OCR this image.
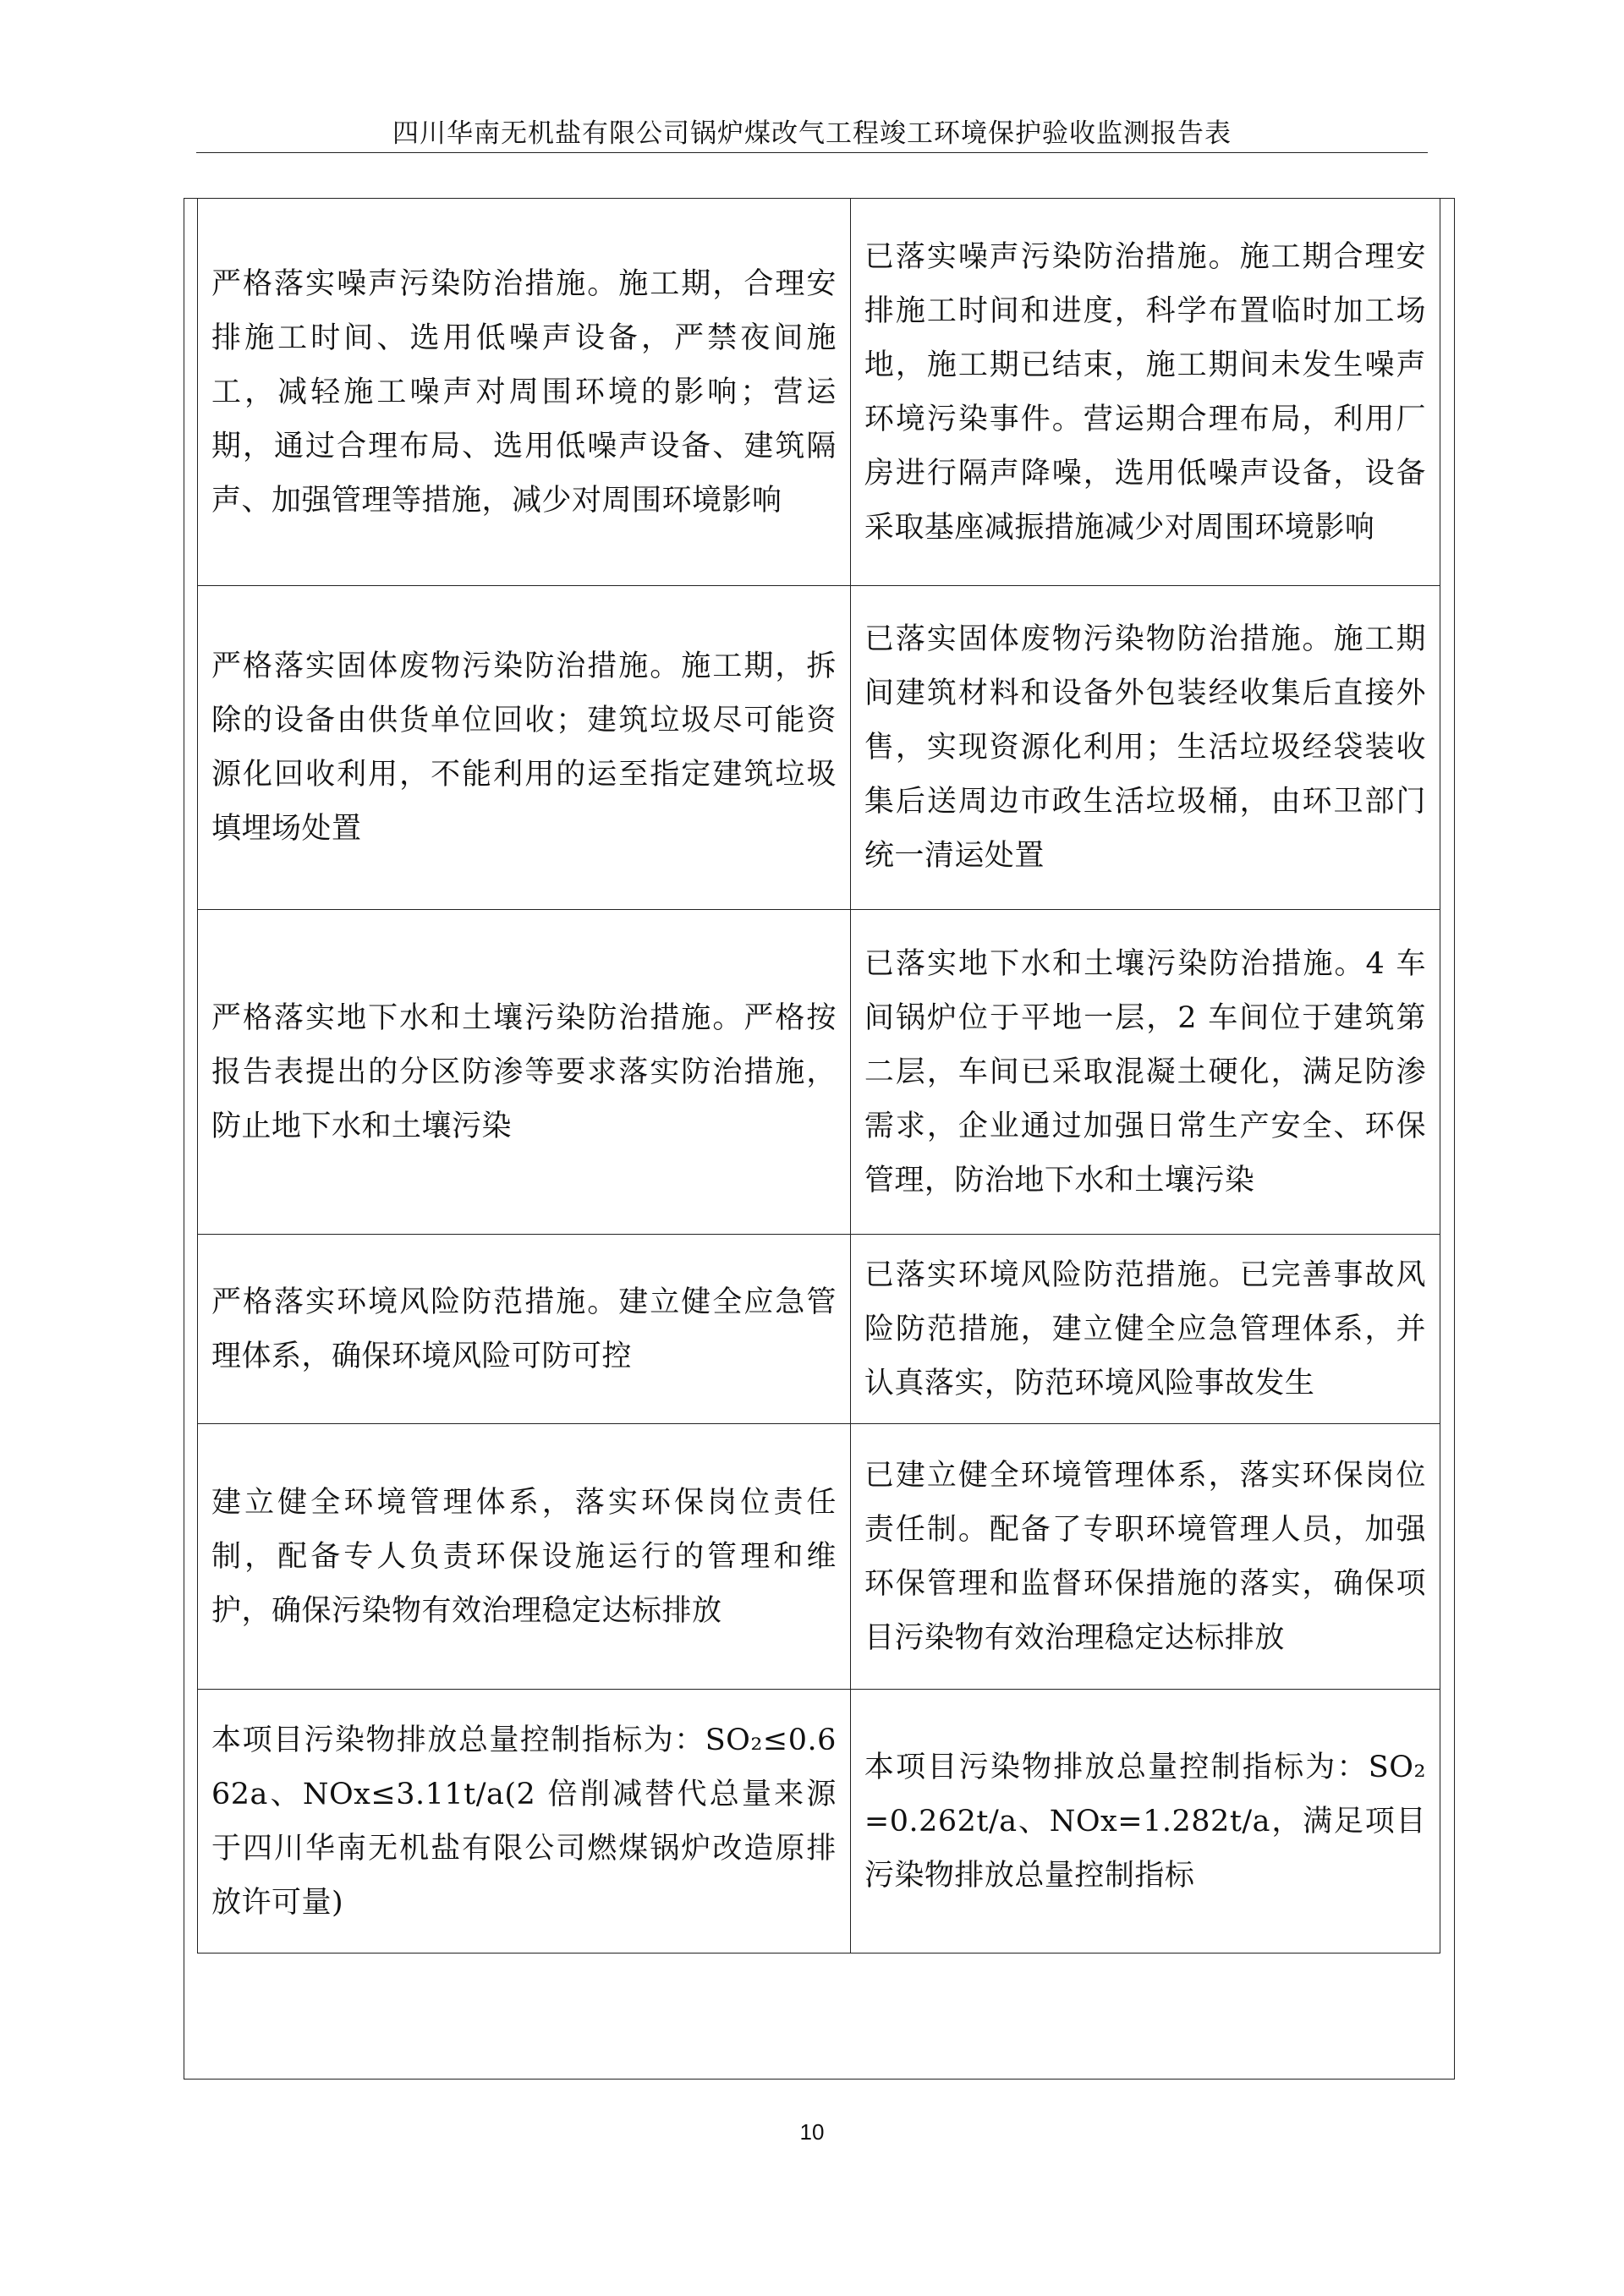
四川华南无机盐有限公司锅炉煤改气工程竣工环境保护验收监测报告表
严格落实噪声污染防治措施。施工期，合理安排施工时间、选用低噪声设备，严禁夜间施工，减轻施工噪声对周围环境的影响；营运期，通过合理布局、选用低噪声设备、建筑隔声、加强管理等措施，减少对周围环境影响	已落实噪声污染防治措施。施工期合理安排施工时间和进度，科学布置临时加工场地，施工期已结束，施工期间未发生噪声环境污染事件。营运期合理布局，利用厂房进行隔声降噪，选用低噪声设备，设备采取基座减振措施减少对周围环境影响
严格落实固体废物污染防治措施。施工期，拆除的设备由供货单位回收；建筑垃圾尽可能资源化回收利用，不能利用的运至指定建筑垃圾填埋场处置	已落实固体废物污染物防治措施。施工期间建筑材料和设备外包装经收集后直接外售，实现资源化利用；生活垃圾经袋装收集后送周边市政生活垃圾桶，由环卫部门统一清运处置
严格落实地下水和土壤污染防治措施。严格按报告表提出的分区防渗等要求落实防治措施，防止地下水和土壤污染	已落实地下水和土壤污染防治措施。4 车间锅炉位于平地一层，2 车间位于建筑第二层，车间已采取混凝土硬化，满足防渗需求，企业通过加强日常生产安全、环保管理，防治地下水和土壤污染
严格落实环境风险防范措施。建立健全应急管理体系，确保环境风险可防可控	已落实环境风险防范措施。已完善事故风险防范措施，建立健全应急管理体系，并认真落实，防范环境风险事故发生
建立健全环境管理体系，落实环保岗位责任制，配备专人负责环保设施运行的管理和维护，确保污染物有效治理稳定达标排放	已建立健全环境管理体系，落实环保岗位责任制。配备了专职环境管理人员，加强环保管理和监督环保措施的落实，确保项目污染物有效治理稳定达标排放
本项目污染物排放总量控制指标为：SO₂≤0.662a、NOx≤3.11t/a(2 倍削减替代总量来源于四川华南无机盐有限公司燃煤锅炉改造原排放许可量)	本项目污染物排放总量控制指标为：SO₂=0.262t/a、NOx=1.282t/a，满足项目污染物排放总量控制指标
10
